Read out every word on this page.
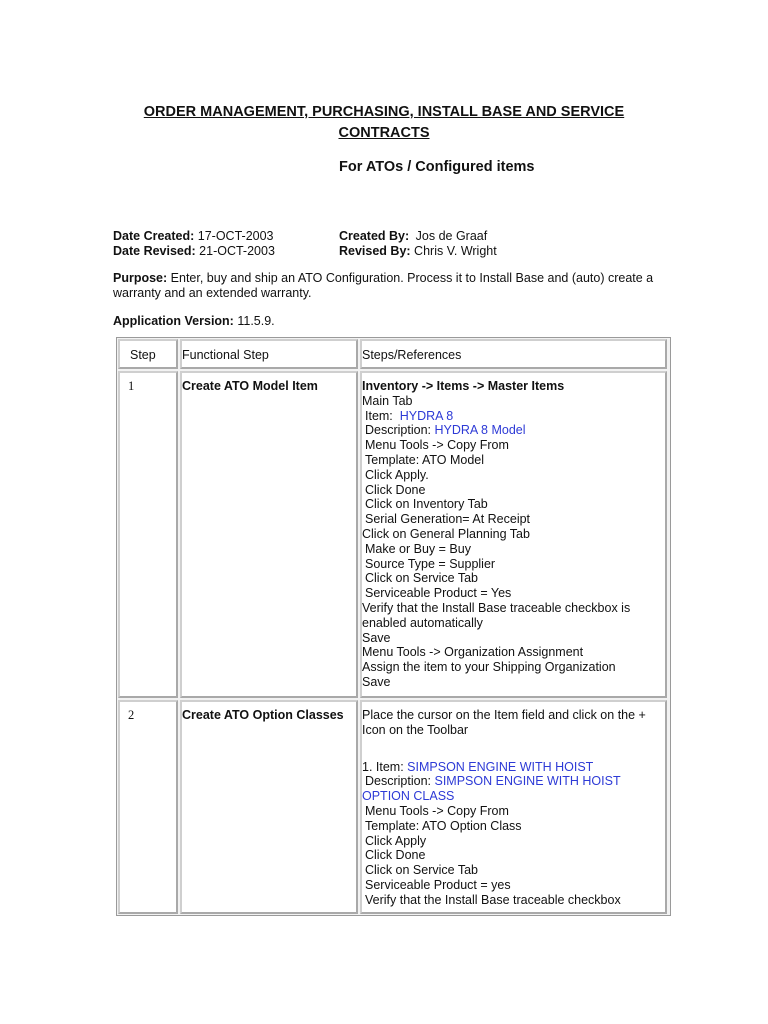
ORDER MANAGEMENT, PURCHASING, INSTALL BASE AND SERVICE CONTRACTS
For ATOs / Configured items
Date Created: 17-OCT-2003
Date Revised: 21-OCT-2003
Created By: Jos de Graaf
Revised By: Chris V. Wright
Purpose: Enter, buy and ship an ATO Configuration. Process it to Install Base and (auto) create a
warranty and an extended warranty.
Application Version: 11.5.9.
Step	Functional Step	Steps/References
1	Create ATO Model Item	Inventory -> Items -> Master Items
Main Tab
Item: HYDRA 8
Description: HYDRA 8 Model
Menu Tools -> Copy From
Template: ATO Model
Click Apply.
Click Done
Click on Inventory Tab
Serial Generation= At Receipt
Click on General Planning Tab
Make or Buy = Buy
Source Type = Supplier
Click on Service Tab
Serviceable Product = Yes
Verify that the Install Base traceable checkbox is
enabled automatically
Save
Menu Tools -> Organization Assignment
Assign the item to your Shipping Organization
Save
2	Create ATO Option Classes	Place the cursor on the Item field and click on the +
Icon on the Toolbar
1. Item: SIMPSON ENGINE WITH HOIST
Description: SIMPSON ENGINE WITH HOIST
OPTION CLASS
Menu Tools -> Copy From
Template: ATO Option Class
Click Apply
Click Done
Click on Service Tab
Serviceable Product = yes
Verify that the Install Base traceable checkbox
